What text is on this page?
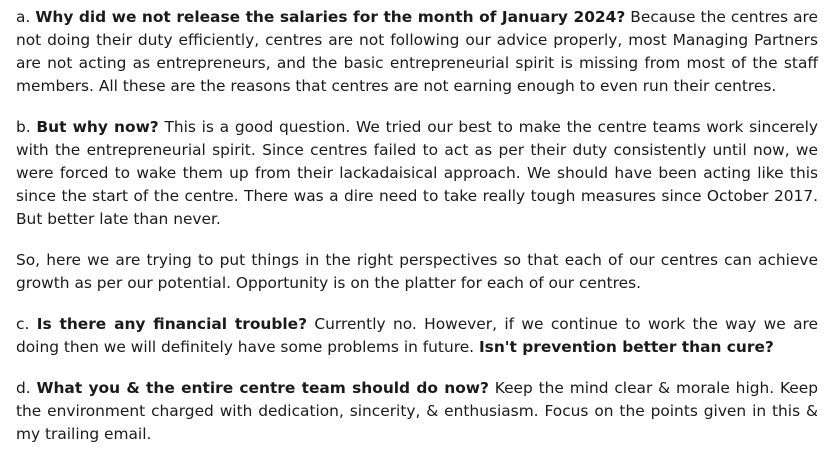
a. Why did we not release the salaries for the month of January 2024? Because the centres are not doing their duty efficiently, centres are not following our advice properly, most Managing Partners are not acting as entrepreneurs, and the basic entrepreneurial spirit is missing from most of the staff members. All these are the reasons that centres are not earning enough to even run their centres.

b. But why now? This is a good question. We tried our best to make the centre teams work sincerely with the entrepreneurial spirit. Since centres failed to act as per their duty consistently until now, we were forced to wake them up from their lackadaisical approach. We should have been acting like this since the start of the centre. There was a dire need to take really tough measures since October 2017. But better late than never.

So, here we are trying to put things in the right perspectives so that each of our centres can achieve growth as per our potential. Opportunity is on the platter for each of our centres.

c. Is there any financial trouble? Currently no. However, if we continue to work the way we are doing then we will definitely have some problems in future. Isn't prevention better than cure?

d. What you & the entire centre team should do now? Keep the mind clear & morale high. Keep the environment charged with dedication, sincerity, & enthusiasm. Focus on the points given in this & my trailing email.
